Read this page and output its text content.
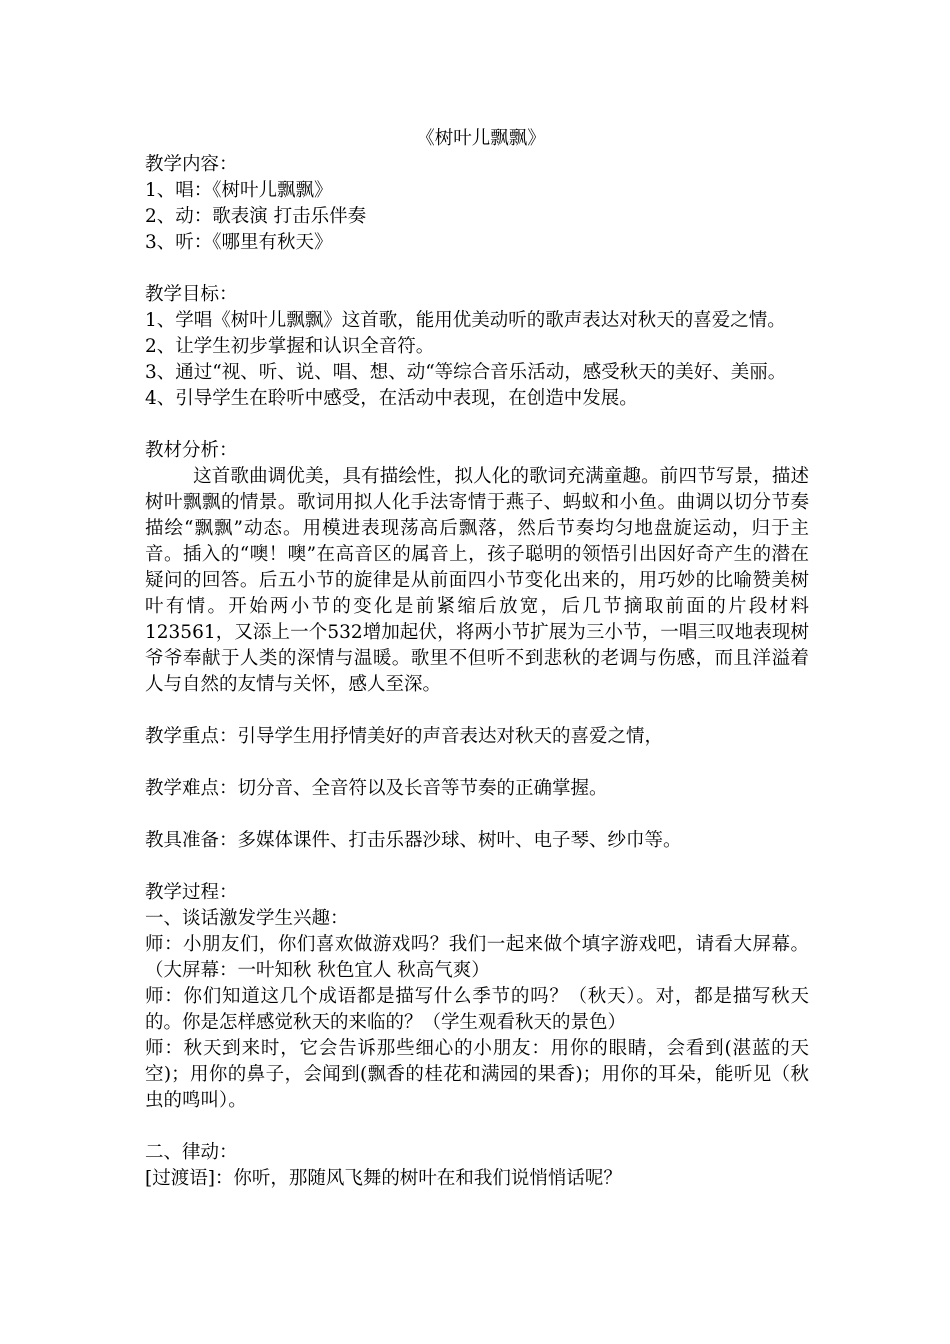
《树叶儿飘飘》

教学内容：

1、唱：《树叶儿飘飘》

2、动：歌表演 打击乐伴奏

3、听：《哪里有秋天》

教学目标：

1、学唱《树叶儿飘飘》这首歌，能用优美动听的歌声表达对秋天的喜爱之情。

2、让学生初步掌握和认识全音符。

3、通过“视、听、说、唱、想、动“等综合音乐活动，感受秋天的美好、美丽。

4、引导学生在聆听中感受，在活动中表现，在创造中发展。

教材分析：

这首歌曲调优美，具有描绘性，拟人化的歌词充满童趣。前四节写景，描述树叶飘飘的情景。歌词用拟人化手法寄情于燕子、蚂蚁和小鱼。曲调以切分节奏描绘“飘飘”动态。用模进表现荡高后飘落，然后节奏均匀地盘旋运动，归于主音。插入的“噢！噢”在高音区的属音上，孩子聪明的领悟引出因好奇产生的潜在疑问的回答。后五小节的旋律是从前面四小节变化出来的，用巧妙的比喻赞美树叶有情。开始两小节的变化是前紧缩后放宽，后几节摘取前面的片段材料123561，又添上一个532增加起伏，将两小节扩展为三小节，一唱三叹地表现树爷爷奉献于人类的深情与温暖。歌里不但听不到悲秋的老调与伤感，而且洋溢着人与自然的友情与关怀，感人至深。

教学重点：引导学生用抒情美好的声音表达对秋天的喜爱之情，

教学难点：切分音、全音符以及长音等节奏的正确掌握。

教具准备：多媒体课件、打击乐器沙球、树叶、电子琴、纱巾等。

教学过程：

一、谈话激发学生兴趣：

师：小朋友们，你们喜欢做游戏吗？我们一起来做个填字游戏吧，请看大屏幕。（大屏幕：一叶知秋 秋色宜人 秋高气爽）

师：你们知道这几个成语都是描写什么季节的吗？（秋天）。对，都是描写秋天的。你是怎样感觉秋天的来临的？（学生观看秋天的景色）

师：秋天到来时，它会告诉那些细心的小朋友：用你的眼睛，会看到(湛蓝的天空)；用你的鼻子，会闻到(飘香的桂花和满园的果香)；用你的耳朵，能听见（秋虫的鸣叫）。

二、律动：

[过渡语]：你听，那随风飞舞的树叶在和我们说悄悄话呢？
